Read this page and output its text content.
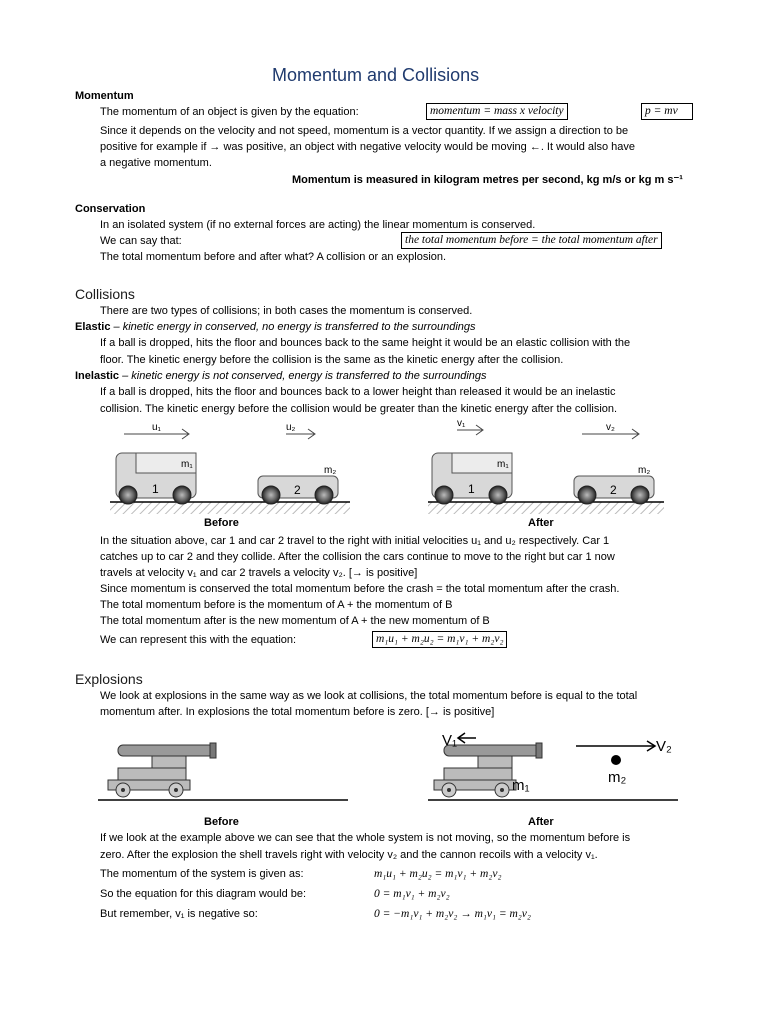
Momentum and Collisions
Momentum
The momentum of an object is given by the equation:	momentum = mass x velocity	p = mv
Since it depends on the velocity and not speed, momentum is a vector quantity. If we assign a direction to be
positive for example if → was positive, an object with negative velocity would be moving ←. It would also have
a negative momentum.
Momentum is measured in kilogram metres per second, kg m/s or kg m s⁻¹
Conservation
In an isolated system (if no external forces are acting) the linear momentum is conserved.
We can say that:	the total momentum before = the total momentum after
The total momentum before and after what? A collision or an explosion.
Collisions
There are two types of collisions; in both cases the momentum is conserved.
Elastic – kinetic energy in conserved, no energy is transferred to the surroundings
If a ball is dropped, hits the floor and bounces back to the same height it would be an elastic collision with the
floor. The kinetic energy before the collision is the same as the kinetic energy after the collision.
Inelastic – kinetic energy is not conserved, energy is transferred to the surroundings
If a ball is dropped, hits the floor and bounces back to a lower height than released it would be an inelastic
collision. The kinetic energy before the collision would be greater than the kinetic energy after the collision.
u₁	u₂
1
m₁
2
m₂
v₁	v₂
1
m₁
2
m₂
Before	After
In the situation above, car 1 and car 2 travel to the right with initial velocities u₁ and u₂ respectively. Car 1
catches up to car 2 and they collide. After the collision the cars continue to move to the right but car 1 now
travels at velocity v₁ and car 2 travels a velocity v₂. [→ is positive]
Since momentum is conserved the total momentum before the crash = the total momentum after the crash.
The total momentum before is the momentum of A + the momentum of B
The total momentum after is the new momentum of A + the new momentum of B
We can represent this with the equation:	m₁u₁ + m₂u₂ = m₁v₁ + m₂v₂
Explosions
We look at explosions in the same way as we look at collisions, the total momentum before is equal to the total
momentum after. In explosions the total momentum before is zero. [→ is positive]
V₁
m₁
V₂
m₂
Before	After
If we look at the example above we can see that the whole system is not moving, so the momentum before is
zero. After the explosion the shell travels right with velocity v₂ and the cannon recoils with a velocity v₁.
The momentum of the system is given as:	m₁u₁ + m₂u₂ = m₁v₁ + m₂v₂
So the equation for this diagram would be:	0 = m₁v₁ + m₂v₂
But remember, v₁ is negative so:	0 = −m₁v₁ + m₂v₂ → m₁v₁ = m₂v₂
